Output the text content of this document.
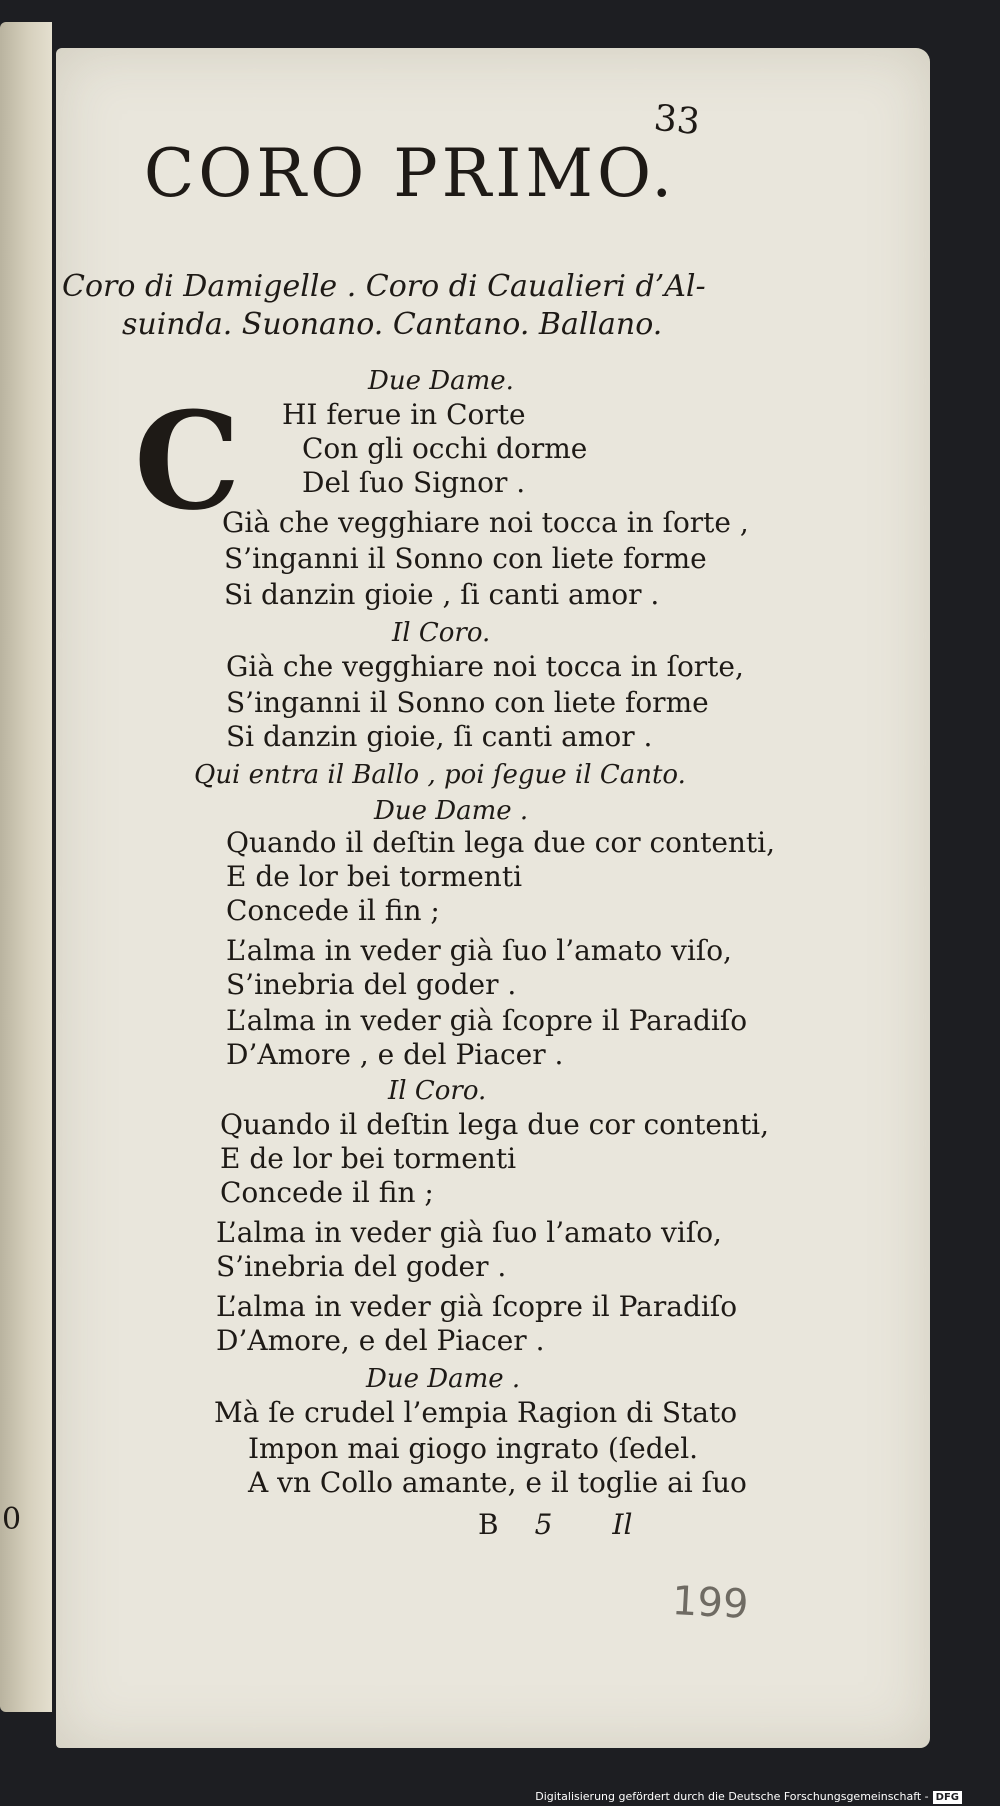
0
33
CORO PRIMO.

Coro di Damigelle . Coro di Caualieri d’Al-
suinda. Suonano. Cantano. Ballano.

C
Due Dame.
HI ferue in Corte
Con gli occhi dorme
Del ſuo Signor .
Già che vegghiare noi tocca in ſorte ,
S’inganni il Sonno con liete forme
Si danzin gioie , ſi canti amor .
Il Coro.
Già che vegghiare noi tocca in ſorte,
S’inganni il Sonno con liete forme
Si danzin gioie, ſi canti amor .
Qui entra il Ballo , poi ſegue il Canto.
Due Dame .
Quando il deſtin lega due cor contenti,
E de lor bei tormenti
Concede il fin ;
L’alma in veder già ſuo l’amato viſo,
S’inebria del goder .
L’alma in veder già ſcopre il Paradiſo
D’Amore , e del Piacer .
Il Coro.
Quando il deſtin lega due cor contenti,
E de lor bei tormenti
Concede il fin ;
L’alma in veder già ſuo l’amato viſo,
S’inebria del goder .
L’alma in veder già ſcopre il Paradiſo
D’Amore, e del Piacer .
Due Dame .
Mà ſe crudel l’empia Ragion di Stato
Impon mai giogo ingrato (ſedel.
A vn Collo amante, e il toglie ai ſuo
B 5 Il
199
Digitalisierung gefördert durch die Deutsche Forschungsgemeinschaft - DFG
